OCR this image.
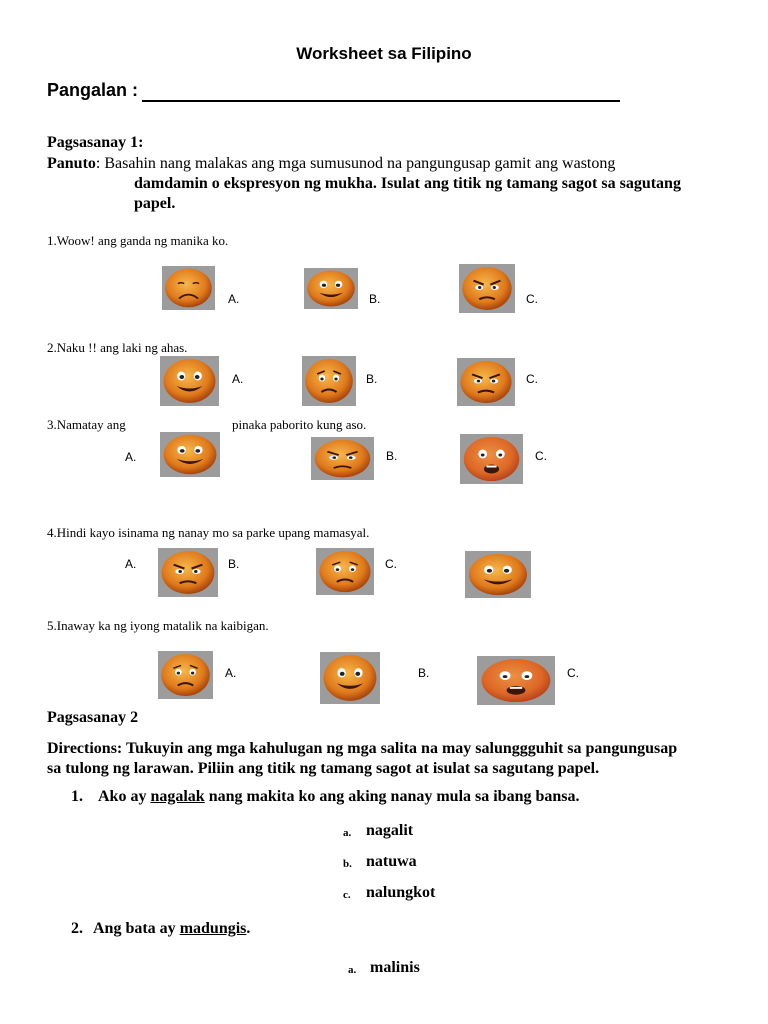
Worksheet sa Filipino
Pangalan :
Pagsasanay 1:
Panuto: Basahin nang malakas ang mga sumusunod na pangungusap gamit ang wastong
damdamin o ekspresyon ng mukha. Isulat ang titik ng tamang sagot sa sagutang
papel.
1.Woow! ang ganda ng manika ko.
A.	B.	C.
2.Naku !! ang laki ng ahas.
A.	B.	C.
3.Namatay ang	pinaka paborito kung aso.
A.	B.	C.
4.Hindi kayo isinama ng nanay mo sa parke upang mamasyal.
A.	B.	C.
5.Inaway ka ng iyong matalik na kaibigan.
A.	B.	C.
Pagsasanay 2
Directions: Tukuyin ang mga kahulugan ng mga salita na may salunggguhit sa pangungusap
sa tulong ng larawan. Piliin ang titik ng tamang sagot at isulat sa sagutang papel.
1. Ako ay nagalak nang makita ko ang aking nanay mula sa ibang bansa.
a. nagalit
b. natuwa
c. nalungkot
2. Ang bata ay madungis.
a. malinis
